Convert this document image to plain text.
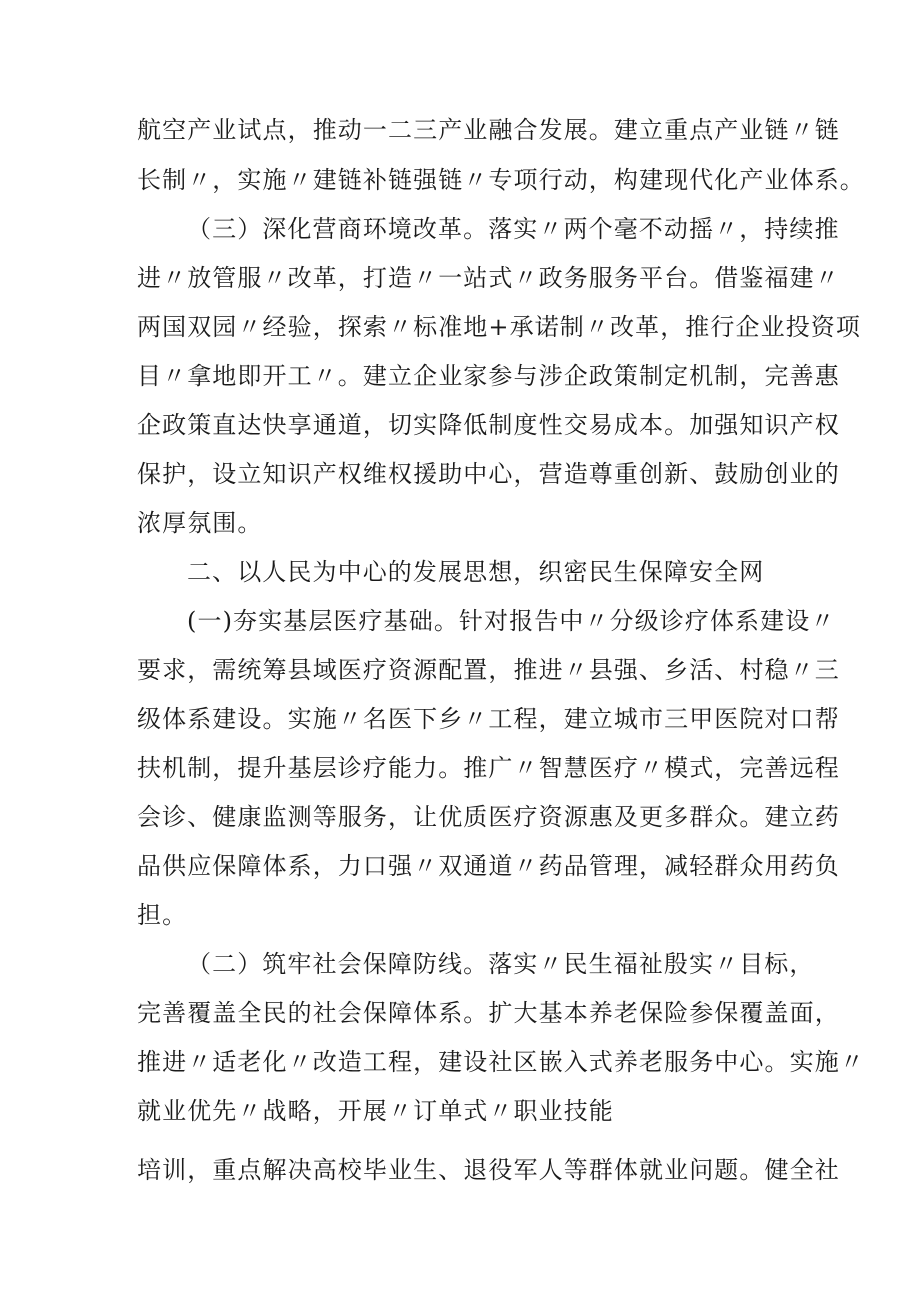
航空产业试点，推动一二三产业融合发展。建立重点产业链〃链
长制〃，实施〃建链补链强链〃专项行动，构建现代化产业体系。
（三）深化营商环境改革。落实〃两个毫不动摇〃，持续推
进〃放管服〃改革，打造〃一站式〃政务服务平台。借鉴福建〃
两国双园〃经验，探索〃标准地+承诺制〃改革，推行企业投资项
目〃拿地即开工〃。建立企业家参与涉企政策制定机制，完善惠
企政策直达快享通道，切实降低制度性交易成本。加强知识产权
保护，设立知识产权维权援助中心，营造尊重创新、鼓励创业的
浓厚氛围。
二、以人民为中心的发展思想，织密民生保障安全网
(一)夯实基层医疗基础。针对报告中〃分级诊疗体系建设〃
要求，需统筹县域医疗资源配置，推进〃县强、乡活、村稳〃三
级体系建设。实施〃名医下乡〃工程，建立城市三甲医院对口帮
扶机制，提升基层诊疗能力。推广〃智慧医疗〃模式，完善远程
会诊、健康监测等服务，让优质医疗资源惠及更多群众。建立药
品供应保障体系，力口强〃双通道〃药品管理，减轻群众用药负
担。
（二）筑牢社会保障防线。落实〃民生福祉殷实〃目标，
完善覆盖全民的社会保障体系。扩大基本养老保险参保覆盖面，
推进〃适老化〃改造工程，建设社区嵌入式养老服务中心。实施〃
就业优先〃战略，开展〃订单式〃职业技能
培训，重点解决高校毕业生、退役军人等群体就业问题。健全社
